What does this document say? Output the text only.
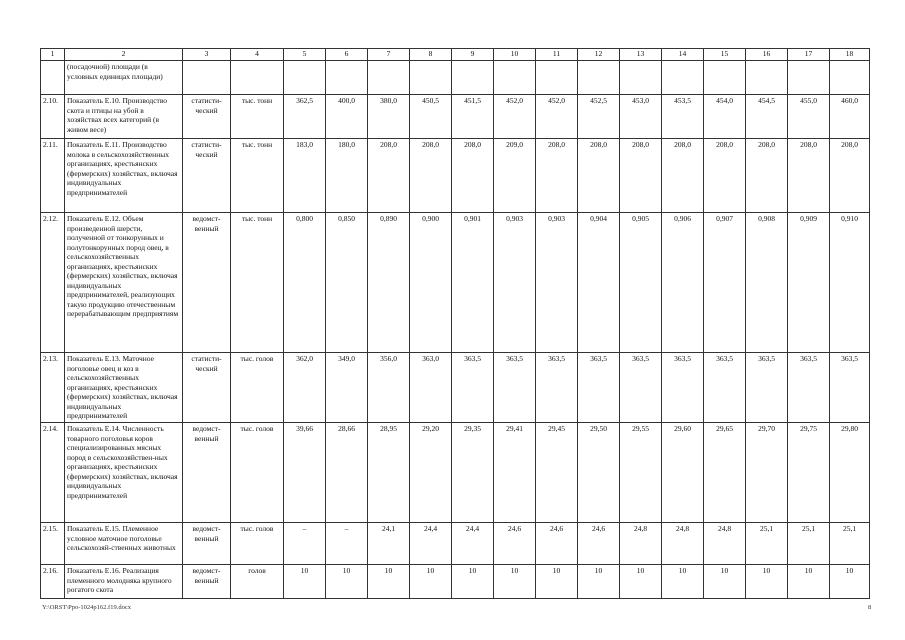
1	2	3	4	5	6	7	8	9	10	11	12	13	14	15	16	17	18
	(посадочной) площади (в условных единицах площади)																
2.10.	Показатель Е.10. Производство скота и птицы на убой в хозяйствах всех категорий (в живом весе)	статисти-ческий	тыс. тонн	362,5	400,0	380,0	450,5	451,5	452,0	452,0	452,5	453,0	453,5	454,0	454,5	455,0	460,0
2.11.	Показатель Е.11. Производство молока в сельскохозяйственных организациях, крестьянских (фермерских) хозяйствах, включая индивидуальных предпринимателей	статисти-ческий	тыс. тонн	183,0	180,0	208,0	208,0	208,0	209,0	208,0	208,0	208,0	208,0	208,0	208,0	208,0	208,0
2.12.	Показатель Е.12. Объем произведенной шерсти, полученной от тонкорунных и полутонкорунных пород овец, в сельскохозяйственных организациях, крестьянских (фермерских) хозяйствах, включая индивидуальных предпринимателей, реализующих такую продукцию отечественным перерабатывающим предприятиям	ведомст-венный	тыс. тонн	0,800	0,850	0,890	0,900	0,901	0,903	0,903	0,904	0,905	0,906	0,907	0,908	0,909	0,910
2.13.	Показатель Е.13. Маточное поголовье овец и коз в сельскохозяйственных организациях, крестьянских (фермерских) хозяйствах, включая индивидуальных предпринимателей	статисти-ческий	тыс. голов	362,0	349,0	356,0	363,0	363,5	363,5	363,5	363,5	363,5	363,5	363,5	363,5	363,5	363,5
2.14.	Показатель Е.14. Численность товарного поголовья коров специализированных мясных пород в сельскохозяйствен-ных организациях, крестьянских (фермерских) хозяйствах, включая индивидуальных предпринимателей	ведомст-венный	тыс. голов	39,66	28,66	28,95	29,20	29,35	29,41	29,45	29,50	29,55	29,60	29,65	29,70	29,75	29,80
2.15.	Показатель Е.15. Племенное условное маточное поголовье сельскохозяй-ственных животных	ведомст-венный	тыс. голов	–	–	24,1	24,4	24,4	24,6	24,6	24,6	24,8	24,8	24,8	25,1	25,1	25,1
2.16.	Показатель Е.16. Реализация племенного молодняка крупного рогатого скота	ведомст-венный	голов	10	10	10	10	10	10	10	10	10	10	10	10	10	10
Y:\ORST\Ppo-1024p162.f19.docx	8
